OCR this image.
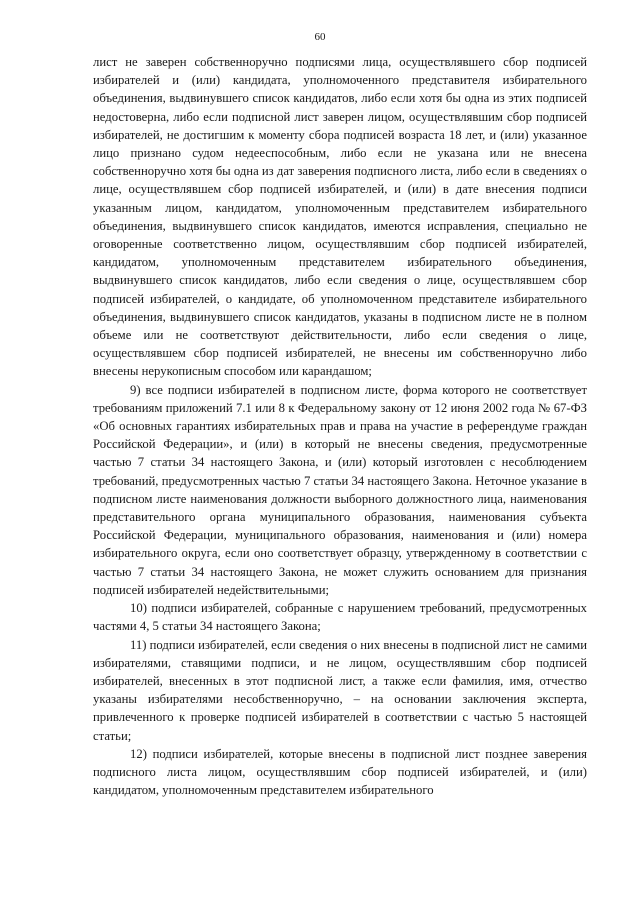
60

лист не заверен собственноручно подписями лица, осуществлявшего сбор подписей избирателей и (или) кандидата, уполномоченного представителя избирательного объединения, выдвинувшего список кандидатов, либо если хотя бы одна из этих подписей недостоверна, либо если подписной лист заверен лицом, осуществлявшим сбор подписей избирателей, не достигшим к моменту сбора подписей возраста 18 лет, и (или) указанное лицо признано судом недееспособным, либо если не указана или не внесена собственноручно хотя бы одна из дат заверения подписного листа, либо если в сведениях о лице, осуществлявшем сбор подписей избирателей, и (или) в дате внесения подписи указанным лицом, кандидатом, уполномоченным представителем избирательного объединения, выдвинувшего список кандидатов, имеются исправления, специально не оговоренные соответственно лицом, осуществлявшим сбор подписей избирателей, кандидатом, уполномоченным представителем избирательного объединения, выдвинувшего список кандидатов, либо если сведения о лице, осуществлявшем сбор подписей избирателей, о кандидате, об уполномоченном представителе избирательного объединения, выдвинувшего список кандидатов, указаны в подписном листе не в полном объеме или не соответствуют действительности, либо если сведения о лице, осуществлявшем сбор подписей избирателей, не внесены им собственноручно либо внесены нерукописным способом или карандашом;

9) все подписи избирателей в подписном листе, форма которого не соответствует требованиям приложений 7.1 или 8 к Федеральному закону от 12 июня 2002 года № 67-ФЗ «Об основных гарантиях избирательных прав и права на участие в референдуме граждан Российской Федерации», и (или) в который не внесены сведения, предусмотренные частью 7 статьи 34 настоящего Закона, и (или) который изготовлен с несоблюдением требований, предусмотренных частью 7 статьи 34 настоящего Закона. Неточное указание в подписном листе наименования должности выборного должностного лица, наименования представительного органа муниципального образования, наименования субъекта Российской Федерации, муниципального образования, наименования и (или) номера избирательного округа, если оно соответствует образцу, утвержденному в соответствии с частью 7 статьи 34 настоящего Закона, не может служить основанием для признания подписей избирателей недействительными;

10) подписи избирателей, собранные с нарушением требований, предусмотренных частями 4, 5 статьи 34 настоящего Закона;

11) подписи избирателей, если сведения о них внесены в подписной лист не самими избирателями, ставящими подписи, и не лицом, осуществлявшим сбор подписей избирателей, внесенных в этот подписной лист, а также если фамилия, имя, отчество указаны избирателями несобственноручно, – на основании заключения эксперта, привлеченного к проверке подписей избирателей в соответствии с частью 5 настоящей статьи;

12) подписи избирателей, которые внесены в подписной лист позднее заверения подписного листа лицом, осуществлявшим сбор подписей избирателей, и (или) кандидатом, уполномоченным представителем избирательного
